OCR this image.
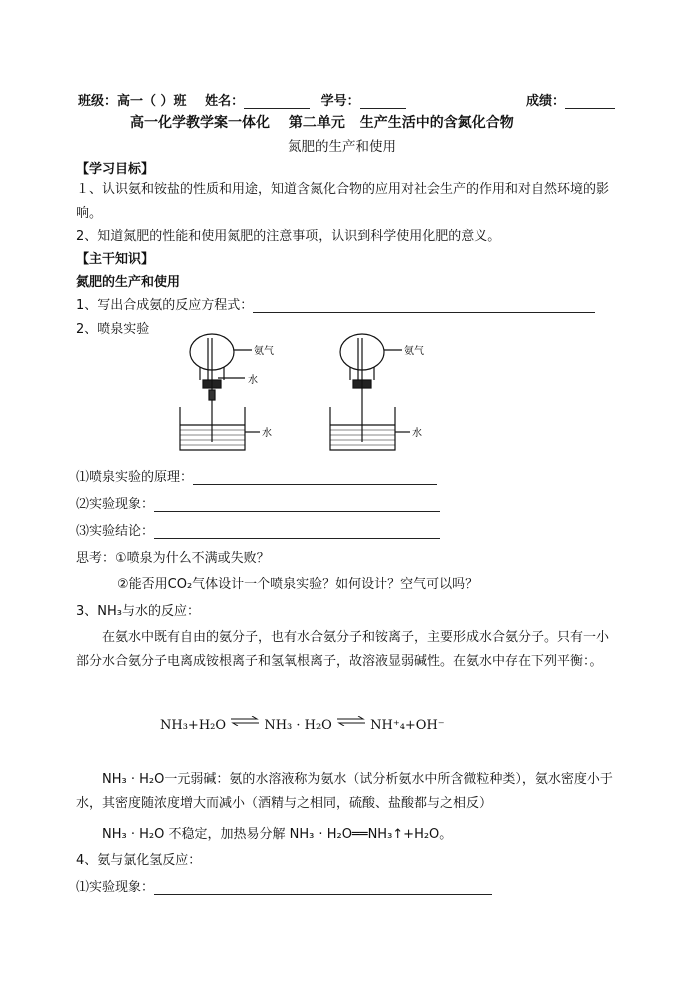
班级：高一（ ）班 姓名：	学号：	成绩：
高一化学教学案一体化 第二单元 生产生活中的含氮化合物
氮肥的生产和使用
【学习目标】
１、认识氨和铵盐的性质和用途，知道含氮化合物的应用对社会生产的作用和对自然环境的影响。
2、知道氮肥的性能和使用氮肥的注意事项，认识到科学使用化肥的意义。
【主干知识】
氮肥的生产和使用
1、写出合成氨的反应方程式：
2、喷泉实验
氨气
水
水
氨气
水
⑴喷泉实验的原理：
⑵实验现象：
⑶实验结论：
思考：①喷泉为什么不满或失败？
②能否用CO₂气体设计一个喷泉实验？如何设计？空气可以吗？
3、NH₃与水的反应：
在氨水中既有自由的氨分子，也有水合氨分子和铵离子，主要形成水合氨分子。只有一小部分水合氨分子电离成铵根离子和氢氧根离子，故溶液显弱碱性。在氨水中存在下列平衡：。
NH₃+H₂O	NH₃ · H₂O	NH⁺₄+OH⁻
NH₃ · H₂O一元弱碱：氨的水溶液称为氨水（试分析氨水中所含微粒种类），氨水密度小于水，其密度随浓度增大而减小（酒精与之相同，硫酸、盐酸都与之相反）
NH₃ · H₂O 不稳定，加热易分解 NH₃ · H₂O══NH₃↑+H₂O。
4、氨与氯化氢反应：
⑴实验现象：
